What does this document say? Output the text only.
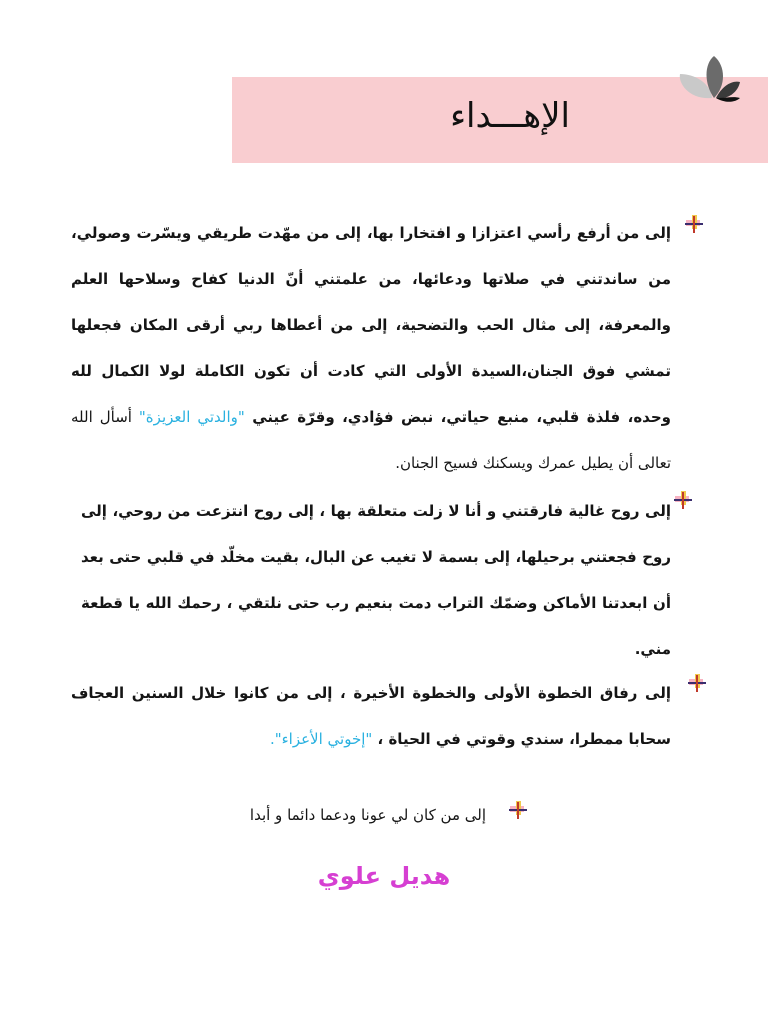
الإهـــداء

إلى من أرفع رأسي اعتزازا و افتخارا بها، إلى من مهّدت طريقي ويسّرت وصولي، من ساندتني في صلاتها ودعائها، من علمتني أنّ الدنيا كفاح وسلاحها العلم والمعرفة، إلى مثال الحب والتضحية، إلى من أعطاها ربي أرقى المكان فجعلها تمشي فوق الجنان،السيدة الأولى التي كادت أن تكون الكاملة لولا الكمال لله وحده، فلذة قلبي، منبع حياتي، نبض فؤادي، وقرّة عيني "والدتي العزيزة" أسأل الله تعالى أن يطيل عمرك ويسكنك فسيح الجنان.

إلى روح غالية فارقتني و أنا لا زلت متعلقة بها ، إلى روح انتزعت من روحي، إلى روح فجعتني برحيلها، إلى بسمة لا تغيب عن البال، بقيت مخلّد في قلبي حتى بعد أن ابعدتنا الأماكن وضمّك التراب دمت بنعيم رب حتى نلتقي ، رحمك الله يا قطعة مني.

إلى رفاق الخطوة الأولى والخطوة الأخيرة ، إلى من كانوا خلال السنين العجاف سحابا ممطرا، سندي وقوتي في الحياة ، "إخوتي الأعزاء".

إلى من كان لي عونا ودعما دائما و أبدا

هديل علوي
